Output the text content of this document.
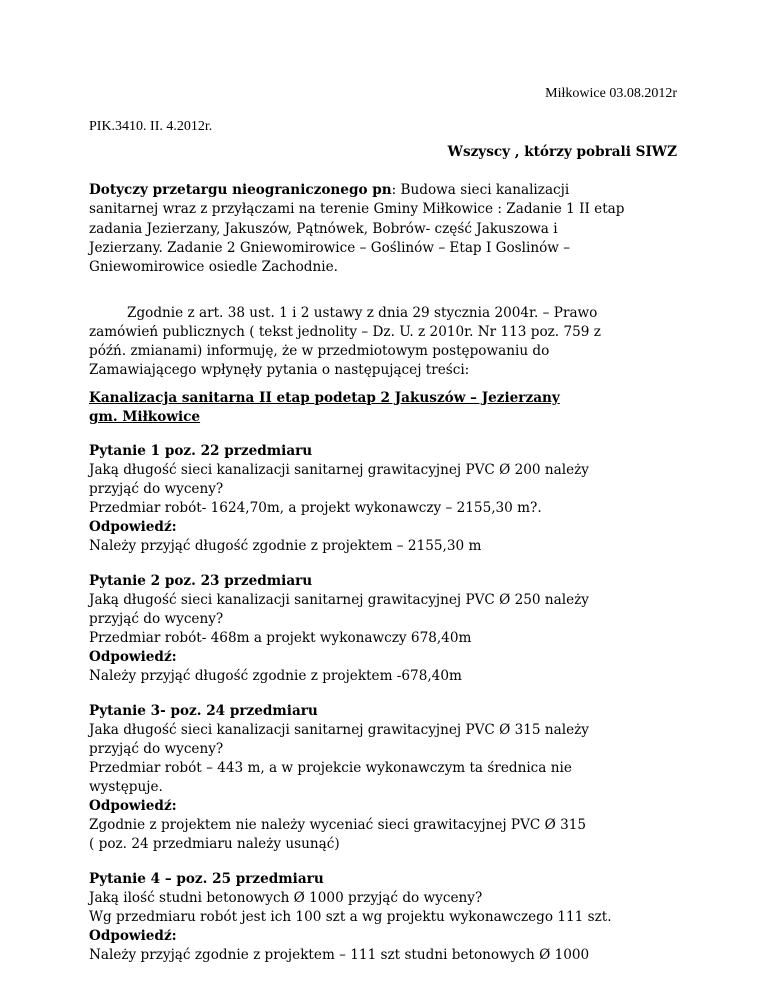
Miłkowice 03.08.2012r
PIK.3410. II. 4.2012r.
Wszyscy , którzy pobrali SIWZ
Dotyczy przetargu nieograniczonego pn: Budowa sieci kanalizacji
sanitarnej wraz z przyłączami na terenie Gminy Miłkowice : Zadanie 1 II etap
zadania Jezierzany, Jakuszów, Pątnówek, Bobrów- część Jakuszowa i
Jezierzany. Zadanie 2 Gniewomirowice – Goślinów – Etap I Goslinów –
Gniewomirowice osiedle Zachodnie.
Zgodnie z art. 38 ust. 1 i 2 ustawy z dnia 29 stycznia 2004r. – Prawo
zamówień publicznych ( tekst jednolity – Dz. U. z 2010r. Nr 113 poz. 759 z
późń. zmianami) informuję, że w przedmiotowym postępowaniu do
Zamawiającego wpłynęły pytania o następującej treści:
Kanalizacja sanitarna II etap podetap 2 Jakuszów – Jezierzany
gm. Miłkowice
Pytanie 1 poz. 22 przedmiaru
Jaką długość sieci kanalizacji sanitarnej grawitacyjnej PVC Ø 200 należy
przyjąć do wyceny?
Przedmiar robót- 1624,70m, a projekt wykonawczy – 2155,30 m?.
Odpowiedź:
Należy przyjąć długość zgodnie z projektem – 2155,30 m
Pytanie 2 poz. 23 przedmiaru
Jaką długość sieci kanalizacji sanitarnej grawitacyjnej PVC Ø 250 należy
przyjąć do wyceny?
Przedmiar robót- 468m a projekt wykonawczy 678,40m
Odpowiedź:
Należy przyjąć długość zgodnie z projektem -678,40m
Pytanie 3- poz. 24 przedmiaru
Jaka długość sieci kanalizacji sanitarnej grawitacyjnej PVC Ø 315 należy
przyjąć do wyceny?
Przedmiar robót – 443 m, a w projekcie wykonawczym ta średnica nie
występuje.
Odpowiedź:
Zgodnie z projektem nie należy wyceniać sieci grawitacyjnej PVC Ø 315
( poz. 24 przedmiaru należy usunąć)
Pytanie 4 – poz. 25 przedmiaru
Jaką ilość studni betonowych Ø 1000 przyjąć do wyceny?
Wg przedmiaru robót jest ich 100 szt a wg projektu wykonawczego 111 szt.
Odpowiedź:
Należy przyjąć zgodnie z projektem – 111 szt studni betonowych Ø 1000
